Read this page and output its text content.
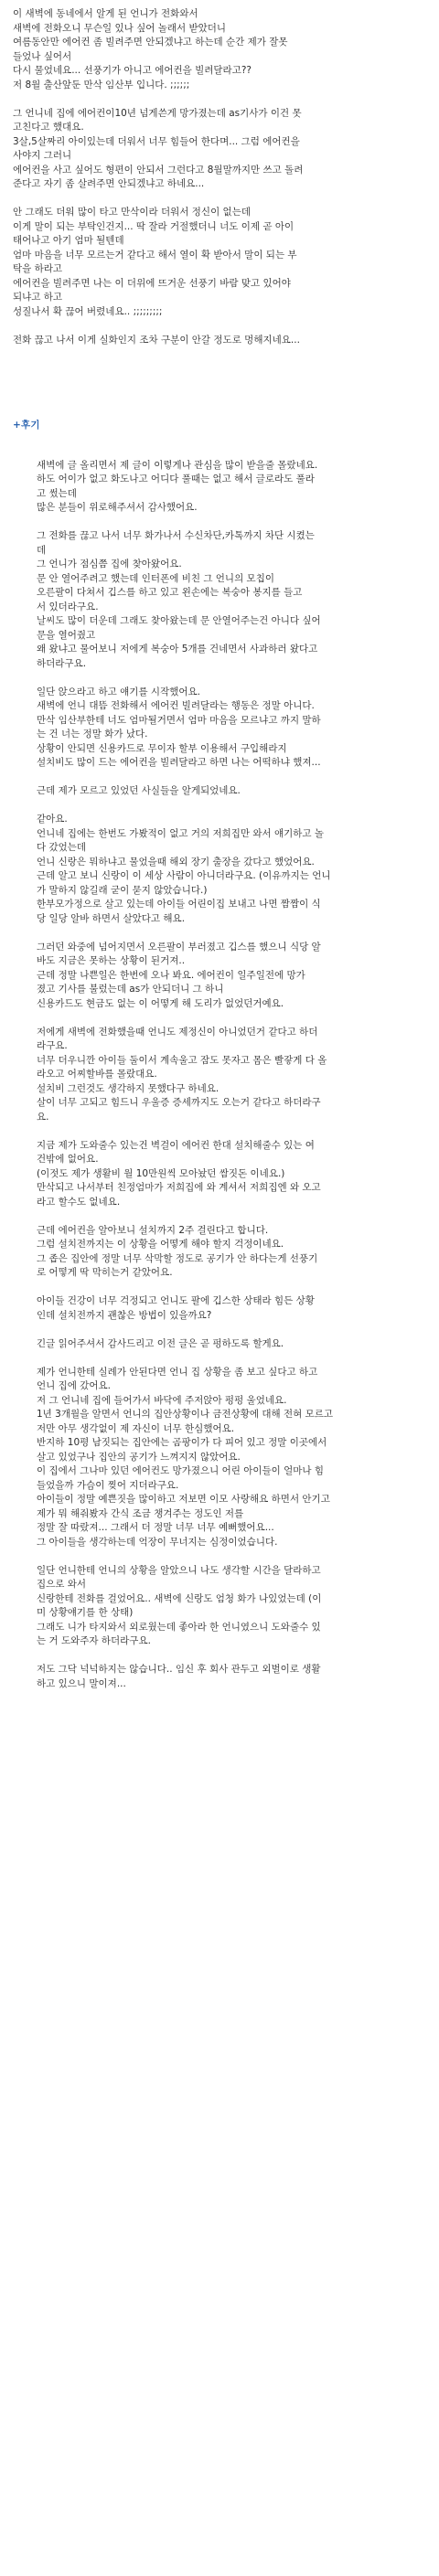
이 새벽에 동네에서 알게 된 언니가 전화와서
새벽에 전화오니 무슨일 있나 싶어 놀래서 받았더니
여름동안만 에어컨 좀 빌려주면 안되겠냐고 하는데 순간 제가 잘못
들었나 싶어서
다시 물었네요... 선풍기가 아니고 에어컨을 빌려달라고??
저 8월 출산앞둔 만삭 임산부 입니다. ;;;;;;
그 언니네 집에 에어컨이10년 넘게쓴게 망가졌는데 as기사가 이건 못
고친다고 했대요.
3살,5살짜리 아이있는데 더워서 너무 힘들어 한다며... 그럼 에어컨을
사야지 그러니
에어컨을 사고 싶어도 형편이 안되서 그런다고 8월말까지만 쓰고 돌려
준다고 자기 좀 살려주면 안되겠냐고 하네요...
안 그래도 더워 많이 타고 만삭이라 더워서 정신이 없는데
이게 말이 되는 부탁인건지... 딱 잘라 거절했더니 너도 이제 곧 아이
태어나고 아기 엄마 될텐데
엄마 마음을 너무 모르는거 같다고 해서 열이 확 받아서 말이 되는 부
탁을 하라고
에어컨을 빌려주면 나는 이 더위에 뜨거운 선풍기 바람 맞고 있어야
되냐고 하고
성질나서 확 끊어 버렸네요.. ;;;;;;;;;
전화 끊고 나서 이게 실화인지 조차 구분이 안갈 정도로 멍해지네요...
+후기
새벽에 글 올리면서 제 글이 이렇게나 관심을 많이 받을줄 몰랐네요.
하도 어이가 없고 화도나고 어디다 풀때는 없고 해서 글로라도 풀라
고 썼는데
많은 분들이 위로해주셔서 감사했어요.
그 전화를 끊고 나서 너무 화가나서 수신차단,카톡까지 차단 시켰는
데
그 언니가 점심쯤 집에 찾아왔어요.
문 안 열어주려고 했는데 인터폰에 비친 그 언니의 모칩이
오른팔이 다쳐서 깁스를 하고 있고 왼손에는 복숭아 봉지를 들고
서 있더라구요.
날씨도 많이 더운데 그래도 찾아왔는데 문 안열어주는건 아니다 싶어
문을 열어줬고
왜 왔냐고 물어보니 저에게 복숭아 5개를 건네면서 사과하러 왔다고
하더라구요.
일단 앉으라고 하고 얘기를 시작했어요.
새벽에 언니 대뜸 전화해서 에어컨 빌려달라는 행동은 정말 아니다.
만삭 임산부한테 너도 엄마될거면서 엄마 마음을 모르냐고 까지 말하
는 건 너는 정말 화가 났다.
상황이 안되면 신용카드로 무이자 할부 이용해서 구입해라지
설치비도 많이 드는 에어컨을 빌려달라고 하면 나는 어떡하냐 했져...
근데 제가 모르고 있었던 사실들을 알게되었네요.
같아요.
언니네 집에는 한번도 가봤적이 없고 거의 저희집만 와서 얘기하고 놀
다 갔었는데
언니 신랑은 뭐하냐고 물었을때 해외 장기 출장을 갔다고 했었어요.
근데 알고 보니 신랑이 이 세상 사람이 아니더라구요. (이유까지는 언니
가 말하지 않길래 굳이 묻지 않았습니다.)
한부모가정으로 살고 있는데 아이들 어린이집 보내고 나면 짬짬이 식
당 일당 알바 하면서 살았다고 해요.
그러던 와중에 넘어지면서 오른팔이 부러졌고 깁스를 했으니 식당 알
바도 지금은 못하는 상황이 된거져..
근데 정말 나쁜일은 한번에 오나 봐요. 에어컨이 일주일전에 망가
졌고 기사를 불렀는데 as가 안되더니 그 하니
신용카드도 현금도 없는 이 어떻게 해 도리가 없었던거예요.
저에게 새벽에 전화했을때 언니도 제정신이 아니었던거 같다고 하더
라구요.
너무 더우니깐 아이들 둘이서 계속울고 잠도 못자고 몸은 빨갛게 다 올
라오고 어찌할바를 몰랐대요.
설치비 그런것도 생각하지 못했다구 하네요.
살이 너무 고되고 힘드니 우울증 증세까지도 오는거 같다고 하더라구
요.
지금 제가 도와줄수 있는건 벽걸이 에어컨 한대 설치해줄수 있는 여
건밖에 없어요.
(이젓도 제가 생활비 월 10만원씩 모아놨던 쌈짓돈 이네요.)
만삭되고 나서부터 친정엄마가 저희집에 와 계셔서 저희집엔 와 오고
라고 할수도 없네요.
근데 에어컨을 알아보니 설치까지 2주 걸린다고 합니다.
그럼 설치전까지는 이 상황을 어떻게 해야 할지 걱정이네요.
그 좁은 집안에 정말 너무 삭막할 정도로 공기가 안 하다는게 선풍기
로 어떻게 딱 막히는거 같았어요.
아이들 건강이 너무 걱정되고 언니도 팔에 깁스한 상태라 힘든 상황
인데 설치전까지 괜찮은 방법이 있을까요?
긴글 읽어주셔서 감사드리고 이전 글은 곧 펑하도록 할게요.
제가 언니한테 실례가 안된다면 언니 집 상황을 좀 보고 싶다고 하고
언니 집에 갔어요.
저 그 언니네 집에 들어가서 바닥에 주저앉아 펑펑 울었네요.
1년 3개월을 알면서 언니의 집안상황이나 금전상황에 대해 전혀 모르고
저만 아무 생각없이 제 자신이 너무 한심했어요.
반지하 10평 남짓되는 집안에는 곰팡이가 다 피어 있고 정말 이곳에서
살고 있었구나 집안의 공기가 느껴지지 않았어요.
이 집에서 그나마 있던 에어컨도 망가졌으니 어린 아이들이 얼마나 힘
들었을까 가슴이 찢어 지더라구요.
아이들이 정말 예쁜짓을 많이하고 저보면 이모 사랑해요 하면서 안기고
제가 뭐 해줘봤자 간식 조금 챙겨주는 정도인 저를
정말 잘 따랐져... 그래서 더 정말 너무 너무 예뻐했어요...
그 아이들을 생각하는데 억장이 무너지는 심정이었습니다.
일단 언니한테 언니의 상황을 알았으니 나도 생각할 시간을 달라하고
집으로 와서
신랑한테 전화를 걸었어요.. 새벽에 신랑도 엄청 화가 나있었는데 (이
미 상황얘기를 한 상태)
그래도 니가 타지와서 외로웠는데 좋아라 한 언니였으니 도와줄수 있
는 거 도와주자 하더라구요.
저도 그닥 넉넉하지는 않습니다.. 임신 후 회사 관두고 외벌이로 생활
하고 있으니 말이져...
